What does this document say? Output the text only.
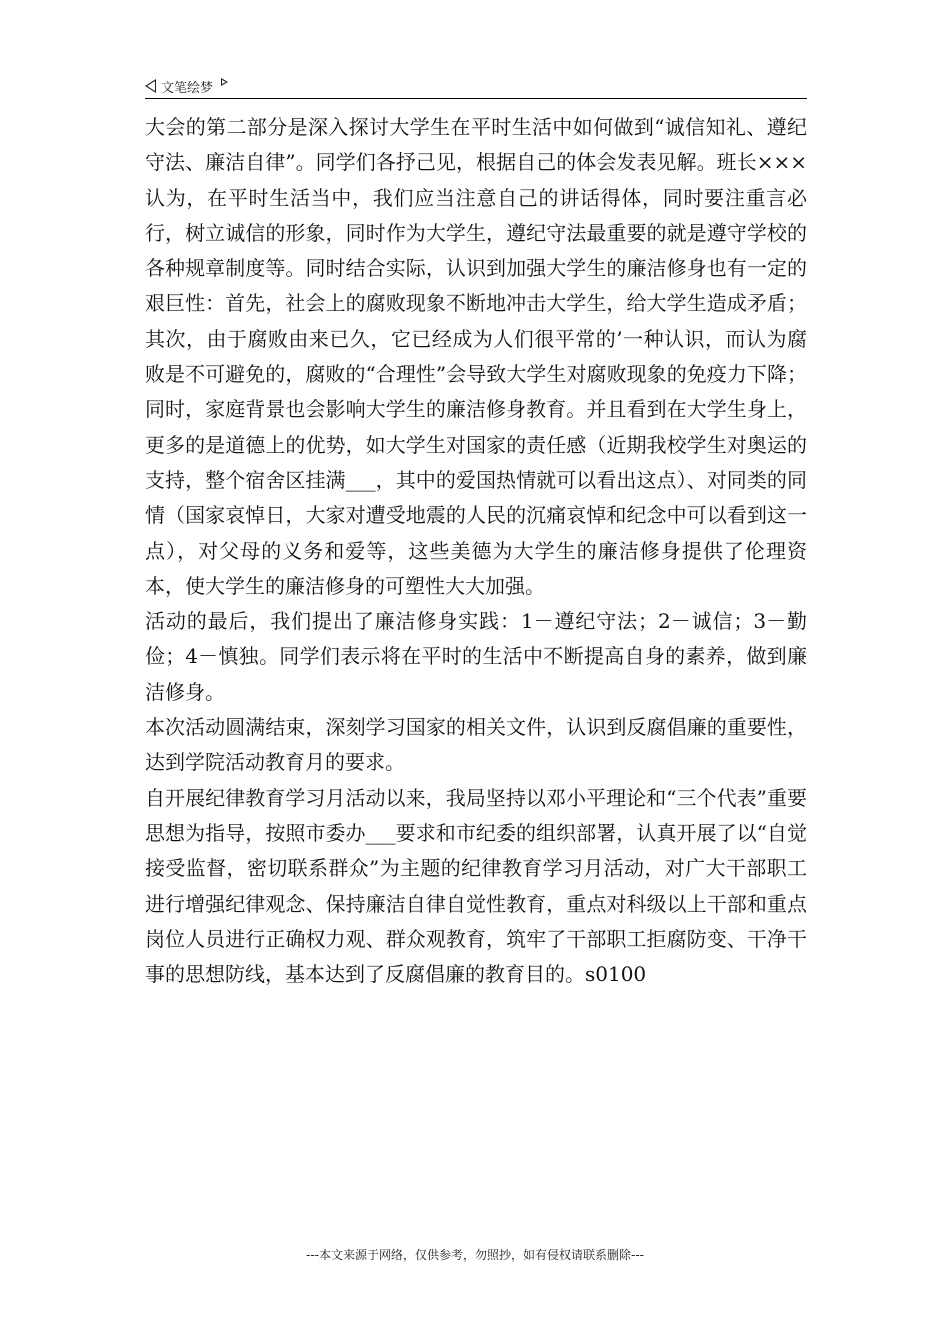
文笔绘梦

大会的第二部分是深入探讨大学生在平时生活中如何做到“诚信知礼、遵纪守法、廉洁自律”。同学们各抒己见，根据自己的体会发表见解。班长×××认为，在平时生活当中，我们应当注意自己的讲话得体，同时要注重言必行，树立诚信的形象，同时作为大学生，遵纪守法最重要的就是遵守学校的各种规章制度等。同时结合实际，认识到加强大学生的廉洁修身也有一定的艰巨性：首先，社会上的腐败现象不断地冲击大学生，给大学生造成矛盾；其次，由于腐败由来已久，它已经成为人们很平常的’一种认识，而认为腐败是不可避免的，腐败的“合理性”会导致大学生对腐败现象的免疫力下降；同时，家庭背景也会影响大学生的廉洁修身教育。并且看到在大学生身上，更多的是道德上的优势，如大学生对国家的责任感（近期我校学生对奥运的支持，整个宿舍区挂满___，其中的爱国热情就可以看出这点）、对同类的同情（国家哀悼日，大家对遭受地震的人民的沉痛哀悼和纪念中可以看到这一点），对父母的义务和爱等，这些美德为大学生的廉洁修身提供了伦理资本，使大学生的廉洁修身的可塑性大大加强。

活动的最后，我们提出了廉洁修身实践：1－遵纪守法；2－诚信；3－勤俭；4－慎独。同学们表示将在平时的生活中不断提高自身的素养，做到廉洁修身。

本次活动圆满结束，深刻学习国家的相关文件，认识到反腐倡廉的重要性，达到学院活动教育月的要求。

自开展纪律教育学习月活动以来，我局坚持以邓小平理论和“三个代表”重要思想为指导，按照市委办___要求和市纪委的组织部署，认真开展了以“自觉接受监督，密切联系群众”为主题的纪律教育学习月活动，对广大干部职工进行增强纪律观念、保持廉洁自律自觉性教育，重点对科级以上干部和重点岗位人员进行正确权力观、群众观教育，筑牢了干部职工拒腐防变、干净干事的思想防线，基本达到了反腐倡廉的教育目的。s0100

---本文来源于网络，仅供参考，勿照抄，如有侵权请联系删除---
